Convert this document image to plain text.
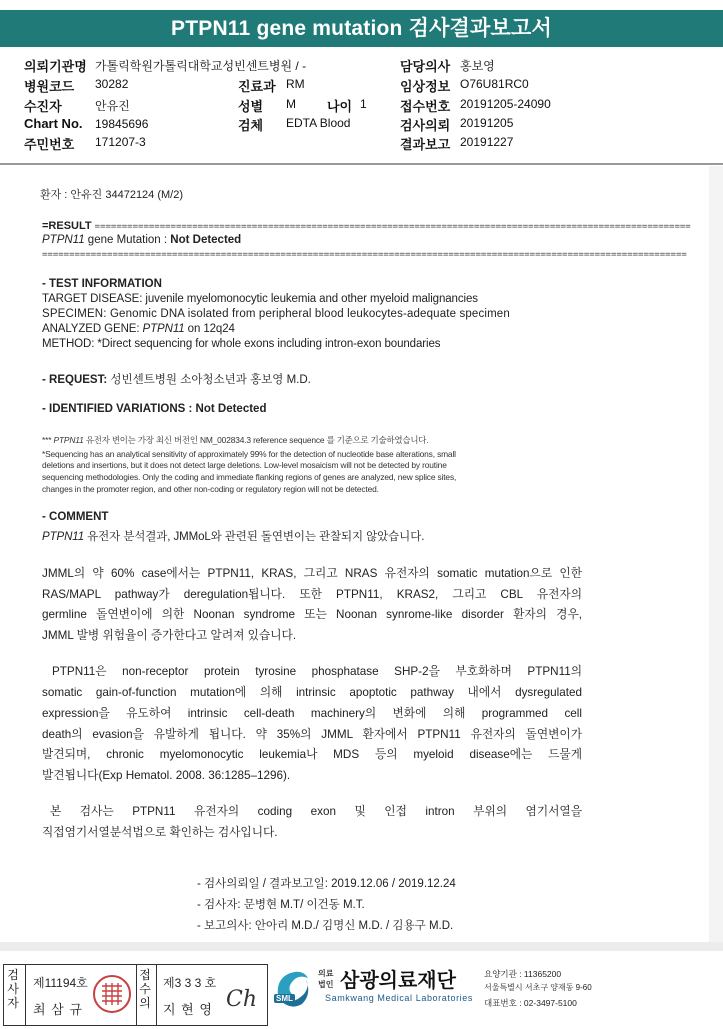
PTPN11 gene mutation 검사결과보고서
의뢰기관명 가톨릭학원가톨릭대학교성빈센트병원 / -
병원코드 30282
수진자	안유진
Chart No. 19845696
주민번호 171207-3
진료과 RM
성별 M 나이 1
검체 EDTA Blood
담당의사 홍보영
임상정보 O76U81RC0
접수번호 20191205-24090
검사의뢰 20191205
결과보고 20191227
환자 : 안유진 34472124 (M/2)
=RESULT ==============================================================================================================
PTPN11 gene Mutation : Not Detected
=======================================================================================================================
- TEST INFORMATION
TARGET DISEASE: juvenile myelomonocytic leukemia and other myeloid malignancies
SPECIMEN: Genomic DNA isolated from peripheral blood leukocytes-adequate specimen
ANALYZED GENE: PTPN11 on 12q24
METHOD: *Direct sequencing for whole exons including intron-exon boundaries
- REQUEST: 성빈센트병원 소아청소년과 홍보영 M.D.
- IDENTIFIED VARIATIONS : Not Detected
*** PTPN11 유전자 변이는 가장 최신 버전인 NM_002834.3 reference sequence 를 기준으로 기술하였습니다.
*Sequencing has an analytical sensitivity of approximately 99% for the detection of nucleotide base alterations, small
deletions and insertions, but it does not detect large deletions. Low-level mosaicism will not be detected by routine
sequencing methodologies. Only the coding and immediate flanking regions of genes are analyzed, new splice sites,
changes in the promoter region, and other non-coding or regulatory region will not be detected.
- COMMENT
PTPN11 유전자 분석결과, JMMoL와 관련된 돌연변이는 관찰되지 않았습니다.
JMML의 약 60% case에서는 PTPN11, KRAS, 그리고 NRAS 유전자의 somatic mutation으로 인한
RAS/MAPL pathway가 deregulation됩니다. 또한 PTPN11, KRAS2, 그리고 CBL 유전자의
germline 돌연변이에 의한 Noonan syndrome 또는 Noonan synrome-like disorder 환자의 경우,
JMML 발병 위험율이 증가한다고 알려져 있습니다.
PTPN11은 non-receptor protein tyrosine phosphatase SHP-2을 부호화하며 PTPN11의
somatic gain-of-function mutation에 의해 intrinsic apoptotic pathway 내에서 dysregulated
expression을 유도하여 intrinsic cell-death machinery의 변화에 의해 programmed cell
death의 evasion을 유발하게 됩니다. 약 35%의 JMML 환자에서 PTPN11 유전자의 돌연변이가
발견되며, chronic myelomonocytic leukemia나 MDS 등의 myeloid disease에는 드물게
발견됩니다(Exp Hematol. 2008. 36:1285–1296).
본 검사는 PTPN11 유전자의 coding exon 및 인접 intron 부위의 염기서열을
직접염기서열분석법으로 확인하는 검사입니다.
- 검사의뢰일 / 결과보고일: 2019.12.06 / 2019.12.24
- 검사자: 문병현 M.T/ 이건동 M.T.
- 보고의사: 안아리 M.D./ 김명신 M.D. / 김용구 M.D.
검
사
자
제11194호
최 삼 규
접
수
의
제3 3 3 호
지 현 영 Ch SML
의료
법인 삼광의료재단
Samkwang Medical Laboratories
요양기관 : 11365200
서울특별시 서초구 양재동 9-60
대표번호 : 02-3497-5100
